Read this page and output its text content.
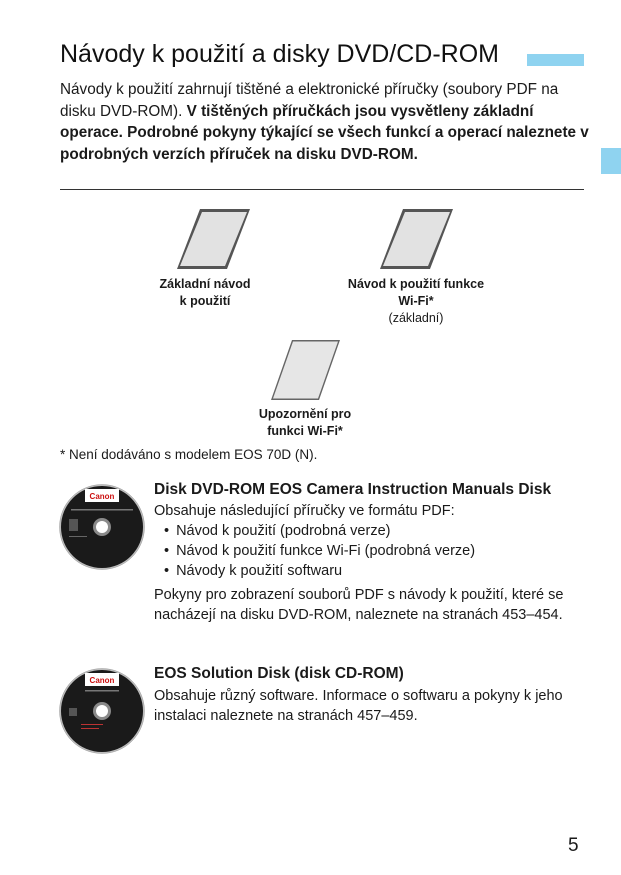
Návody k použití a disky DVD/CD-ROM

Návody k použití zahrnují tištěné a elektronické příručky (soubory PDF na disku DVD-ROM). V tištěných příručkách jsou vysvětleny základní operace. Podrobné pokyny týkající se všech funkcí a operací naleznete v podrobných verzích příruček na disku DVD-ROM.

Základní návod
k použití
Návod k použití funkce
Wi-Fi*
(základní)
Upozornění pro
funkci Wi-Fi*
* Není dodáváno s modelem EOS 70D (N).
Canon
Canon
Disk DVD-ROM EOS Camera Instruction Manuals Disk
Obsahuje následující příručky ve formátu PDF:
• Návod k použití (podrobná verze)
• Návod k použití funkce Wi-Fi (podrobná verze)
• Návody k použití softwaru
Pokyny pro zobrazení souborů PDF s návody k použití, které se nacházejí na disku DVD-ROM, naleznete na stranách 453–454.
EOS Solution Disk (disk CD-ROM)
Obsahuje různý software. Informace o softwaru a pokyny k jeho instalaci naleznete na stranách 457–459.
5
